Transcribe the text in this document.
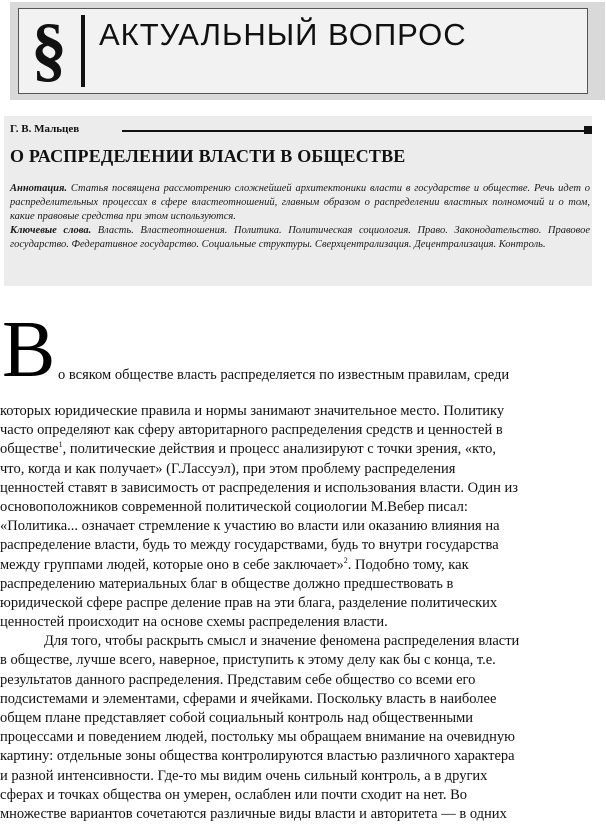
§ АКТУАЛЬНЫЙ ВОПРОС
Г. В. Мальцев
О РАСПРЕДЕЛЕНИИ ВЛАСТИ В ОБЩЕСТВЕ
Аннотация. Статья посвящена рассмотрению сложнейшей архитектоники власти в государстве и обществе. Речь идет о распределительных процессах в сфере властеотношений, главным образом о распределении властных полномочий и о том, какие правовые средства при этом используются.
Ключевые слова. Власть. Властеотношения. Политика. Политическая социология. Право. Законодательство. Правовое государство. Федеративное государство. Социальные структуры. Сверхцентрализация. Децентрализация. Контроль.
В о всяком обществе власть распределяется по известным правилам, среди
которых юридические правила и нормы занимают значительное место. Политику
часто определяют как сферу авторитарного распределения средств и ценностей в
обществе$^1$, политические действия и процесс анализируют с точки зрения, «кто,
что, когда и как получает» (Г.Лассуэл), при этом проблему распределения
ценностей ставят в зависимость от распределения и использования власти. Один из
основоположников современной политической социологии М.Вебер писал:
«Политика... означает стремление к участию во власти или оказанию влияния на
распределение власти, будь то между государствами, будь то внутри государства
между группами людей, которые оно в себе заключает»$^2$. Подобно тому, как
распределению материальных благ в обществе должно предшествовать в
юридической сфере распре деление прав на эти блага, разделение политических
ценностей происходит на основе схемы распределения власти.
Для того, чтобы раскрыть смысл и значение феномена распределения власти
в обществе, лучше всего, наверное, приступить к этому делу как бы с конца, т.е.
результатов данного распределения. Представим себе общество со всеми его
подсистемами и элементами, сферами и ячейками. Поскольку власть в наиболее
общем плане представляет собой социальный контроль над общественными
процессами и поведением людей, постольку мы обращаем внимание на очевидную
картину: отдельные зоны общества контролируются властью различного характера
и разной интенсивности. Где-то мы видим очень сильный контроль, а в других
сферах и точках общества он умерен, ослаблен или почти сходит на нет. Во
множестве вариантов сочетаются различные виды власти и авторитета — в одних
